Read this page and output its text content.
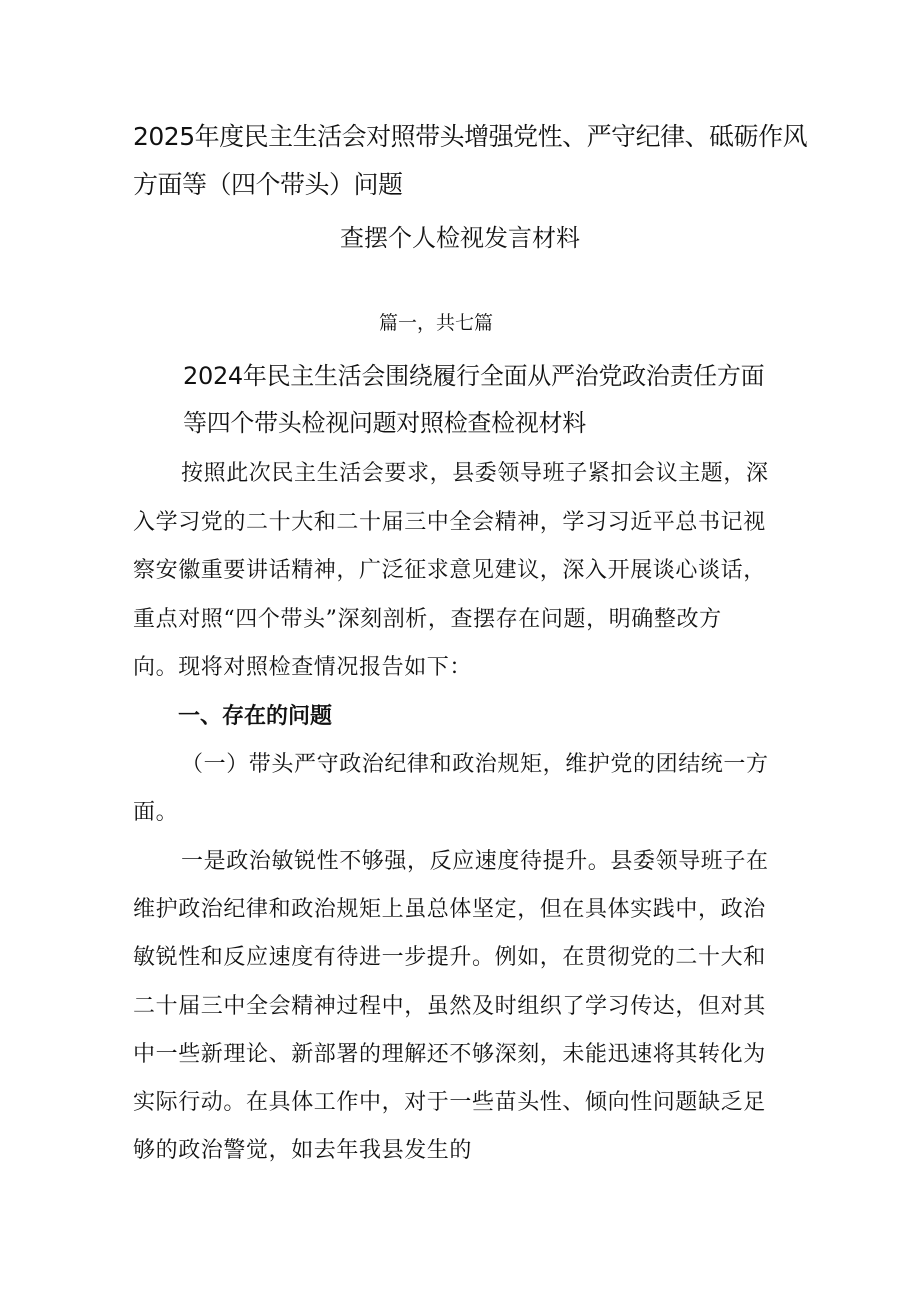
2025年度民主生活会对照带头增强党性、严守纪律、砥砺作风
方面等（四个带头）问题
查摆个人检视发言材料
篇一，共七篇
2024年民主生活会围绕履行全面从严治党政治责任方面
等四个带头检视问题对照检查检视材料
按照此次民主生活会要求，县委领导班子紧扣会议主题，深
入学习党的二十大和二十届三中全会精神，学习习近平总书记视
察安徽重要讲话精神，广泛征求意见建议，深入开展谈心谈话，
重点对照“四个带头”深刻剖析，查摆存在问题，明确整改方
向。现将对照检查情况报告如下：
一、存在的问题
（一）带头严守政治纪律和政治规矩，维护党的团结统一方
面。
一是政治敏锐性不够强，反应速度待提升。县委领导班子在
维护政治纪律和政治规矩上虽总体坚定，但在具体实践中，政治
敏锐性和反应速度有待进一步提升。例如，在贯彻党的二十大和
二十届三中全会精神过程中，虽然及时组织了学习传达，但对其
中一些新理论、新部署的理解还不够深刻，未能迅速将其转化为
实际行动。在具体工作中，对于一些苗头性、倾向性问题缺乏足
够的政治警觉，如去年我县发生的
